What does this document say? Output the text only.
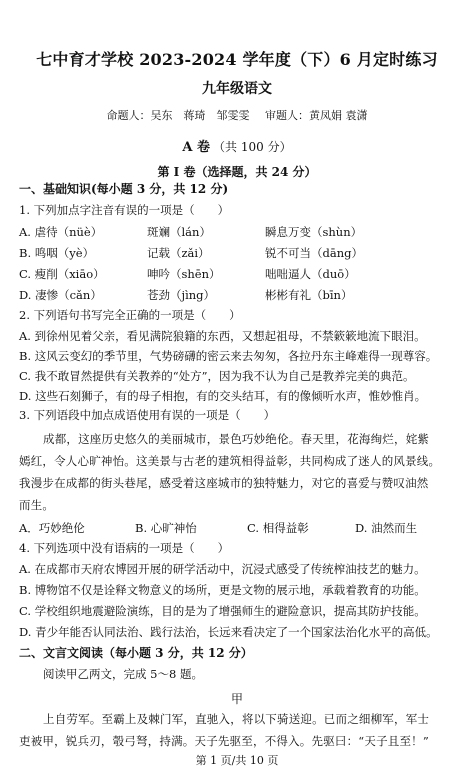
七中育才学校 2023-2024 学年度（下）6 月定时练习
九年级语文
命题人：吴东　蒋琦　邹雯雯 审题人：黄凤娟 袁潇
A 卷 （共 100 分）
第 I 卷（选择题，共 24 分）
一、基础知识(每小题 3 分，共 12 分)
1. 下列加点字注音有误的一项是（　　）
A. 虐待（nüè）	斑斓（lán）	瞬息万变（shùn）
B. 鸣咽（yè）	记载（zǎi）	锐不可当（dāng）
C. 瘦削（xiāo）	呻吟（shēn）	咄咄逼人（duō）
D. 凄惨（cǎn）	苍劲（jìng）	彬彬有礼（bīn）
2. 下列语句书写完全正确的一项是（　　）
A. 到徐州见着父亲，看见满院狼籍的东西，又想起祖母，不禁簌簌地流下眼泪。
B. 这风云变幻的季节里，气势磅礴的密云来去匆匆，各拉丹东主峰难得一现尊容。
C. 我不敢冒然提供有关教养的“处方”，因为我不认为自己是教养完美的典范。
D. 这些石刻狮子，有的母子相抱，有的交头结耳，有的像倾听水声，惟妙惟肖。
3. 下列语段中加点成语使用有误的一项是（　　）
成都，这座历史悠久的美丽城市，景色巧妙绝伦。春天里，花海绚烂，姹紫
嫣红，令人心旷神怡。这美景与古老的建筑相得益彰，共同构成了迷人的风景线。
我漫步在成都的街头巷尾，感受着这座城市的独特魅力，对它的喜爱与赞叹油然
而生。
A．巧妙绝伦	B. 心旷神怡	C. 相得益彰	D. 油然而生
4. 下列选项中没有语病的一项是（　　）
A. 在成都市天府农博园开展的研学活动中，沉浸式感受了传统榨油技艺的魅力。
B. 博物馆不仅是诠释文物意义的场所，更是文物的展示地，承载着教育的功能。
C. 学校组织地震避险演练，目的是为了增强师生的避险意识，提高其防护技能。
D. 青少年能否认同法治、践行法治，长远来看决定了一个国家法治化水平的高低。
二、文言文阅读（每小题 3 分，共 12 分）
阅读甲乙两文，完成 5～8 题。
甲
上自劳军。至霸上及棘门军，直驰入，将以下骑送迎。已而之细柳军，军士
吏被甲，锐兵刃，彀弓弩，持满。天子先驱至，不得入。先驱曰：“天子且至！”
第 1 页/共 10 页
